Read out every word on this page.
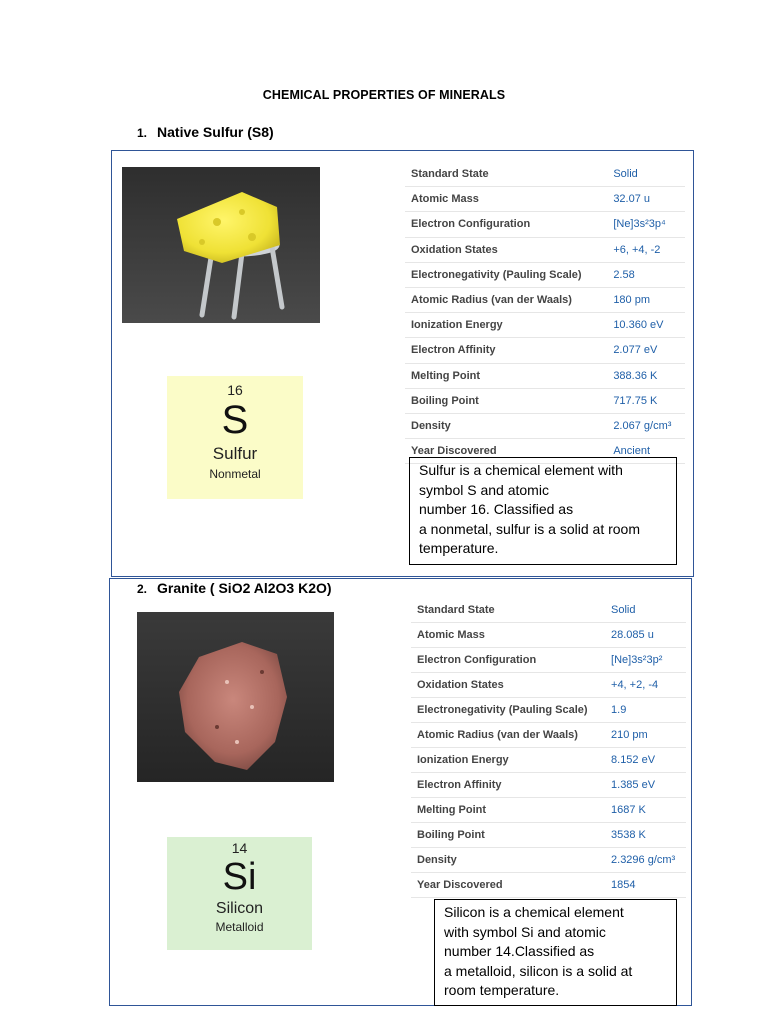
CHEMICAL PROPERTIES OF MINERALS
1. Native Sulfur (S8)
16
S
Sulfur
Nonmetal
Standard State	Solid
Atomic Mass	32.07 u
Electron Configuration	[Ne]3s²3p⁴
Oxidation States	+6, +4, -2
Electronegativity (Pauling Scale)	2.58
Atomic Radius (van der Waals)	180 pm
Ionization Energy	10.360 eV
Electron Affinity	2.077 eV
Melting Point	388.36 K
Boiling Point	717.75 K
Density	2.067 g/cm³
Year Discovered	Ancient
Sulfur is a chemical element with
symbol S and atomic
number 16. Classified as
a nonmetal, sulfur is a solid at room
temperature.
2. Granite ( SiO2 Al2O3 K2O)
14
Si
Silicon
Metalloid
Standard State	Solid
Atomic Mass	28.085 u
Electron Configuration	[Ne]3s²3p²
Oxidation States	+4, +2, -4
Electronegativity (Pauling Scale)	1.9
Atomic Radius (van der Waals)	210 pm
Ionization Energy	8.152 eV
Electron Affinity	1.385 eV
Melting Point	1687 K
Boiling Point	3538 K
Density	2.3296 g/cm³
Year Discovered	1854
Silicon is a chemical element
with symbol Si and atomic
number 14.Classified as
a metalloid, silicon is a solid at
room temperature.
